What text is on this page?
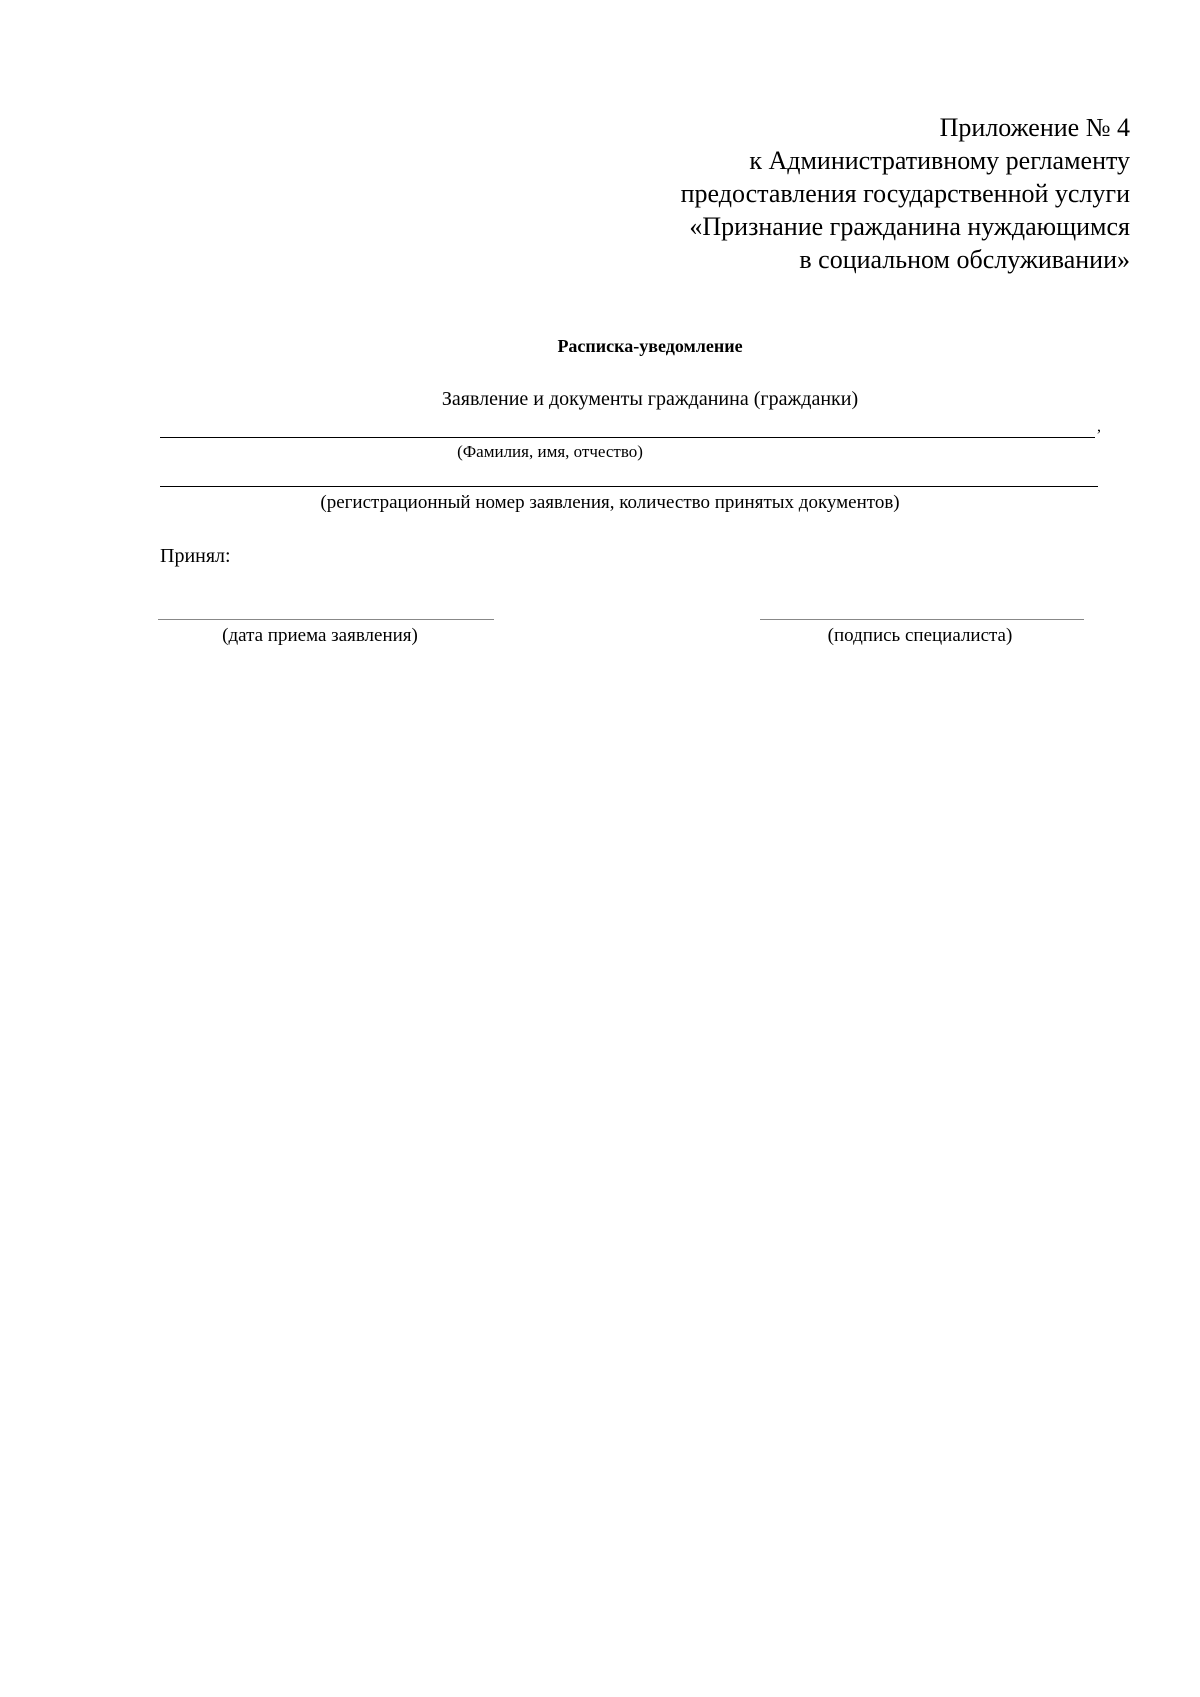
Приложение № 4
к Административному регламенту
предоставления государственной услуги
«Признание гражданина нуждающимся
в социальном обслуживании»
Расписка-уведомление
Заявление и документы гражданина (гражданки)
,
(Фамилия, имя, отчество)
(регистрационный номер заявления, количество принятых документов)
Принял:
(дата приема заявления)	(подпись специалиста)
